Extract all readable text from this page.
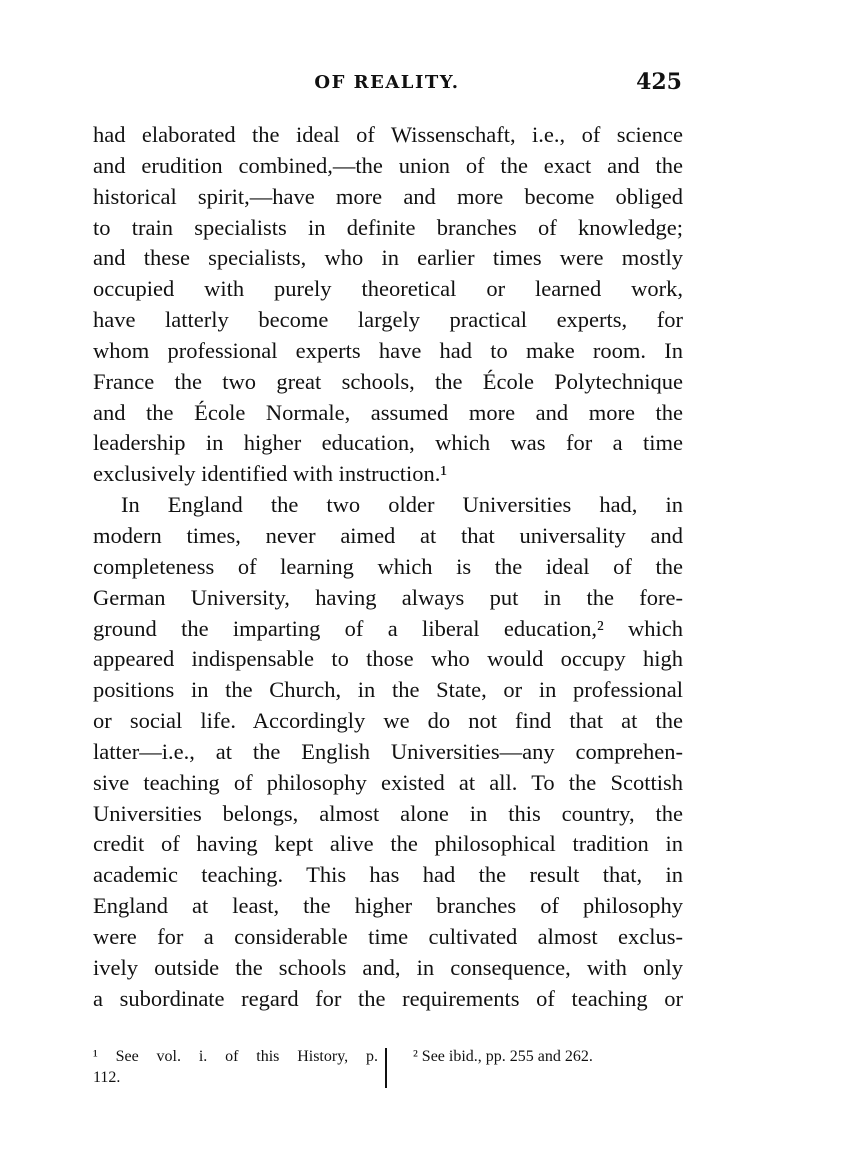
OF REALITY.	425
had elaborated the ideal of Wissenschaft, i.e., of science
and erudition combined,—the union of the exact and the
historical spirit,—have more and more become obliged
to train specialists in definite branches of knowledge;
and these specialists, who in earlier times were mostly
occupied with purely theoretical or learned work,
have latterly become largely practical experts, for
whom professional experts have had to make room. In
France the two great schools, the École Polytechnique
and the École Normale, assumed more and more the
leadership in higher education, which was for a time
exclusively identified with instruction.¹
In England the two older Universities had, in
modern times, never aimed at that universality and
completeness of learning which is the ideal of the
German University, having always put in the fore-
ground the imparting of a liberal education,² which
appeared indispensable to those who would occupy high
positions in the Church, in the State, or in professional
or social life. Accordingly we do not find that at the
latter—i.e., at the English Universities—any comprehen-
sive teaching of philosophy existed at all. To the Scottish
Universities belongs, almost alone in this country, the
credit of having kept alive the philosophical tradition in
academic teaching. This has had the result that, in
England at least, the higher branches of philosophy
were for a considerable time cultivated almost exclus-
ively outside the schools and, in consequence, with only
a subordinate regard for the requirements of teaching or
¹ See vol. i. of this History, p.
112.
² See ibid., pp. 255 and 262.
